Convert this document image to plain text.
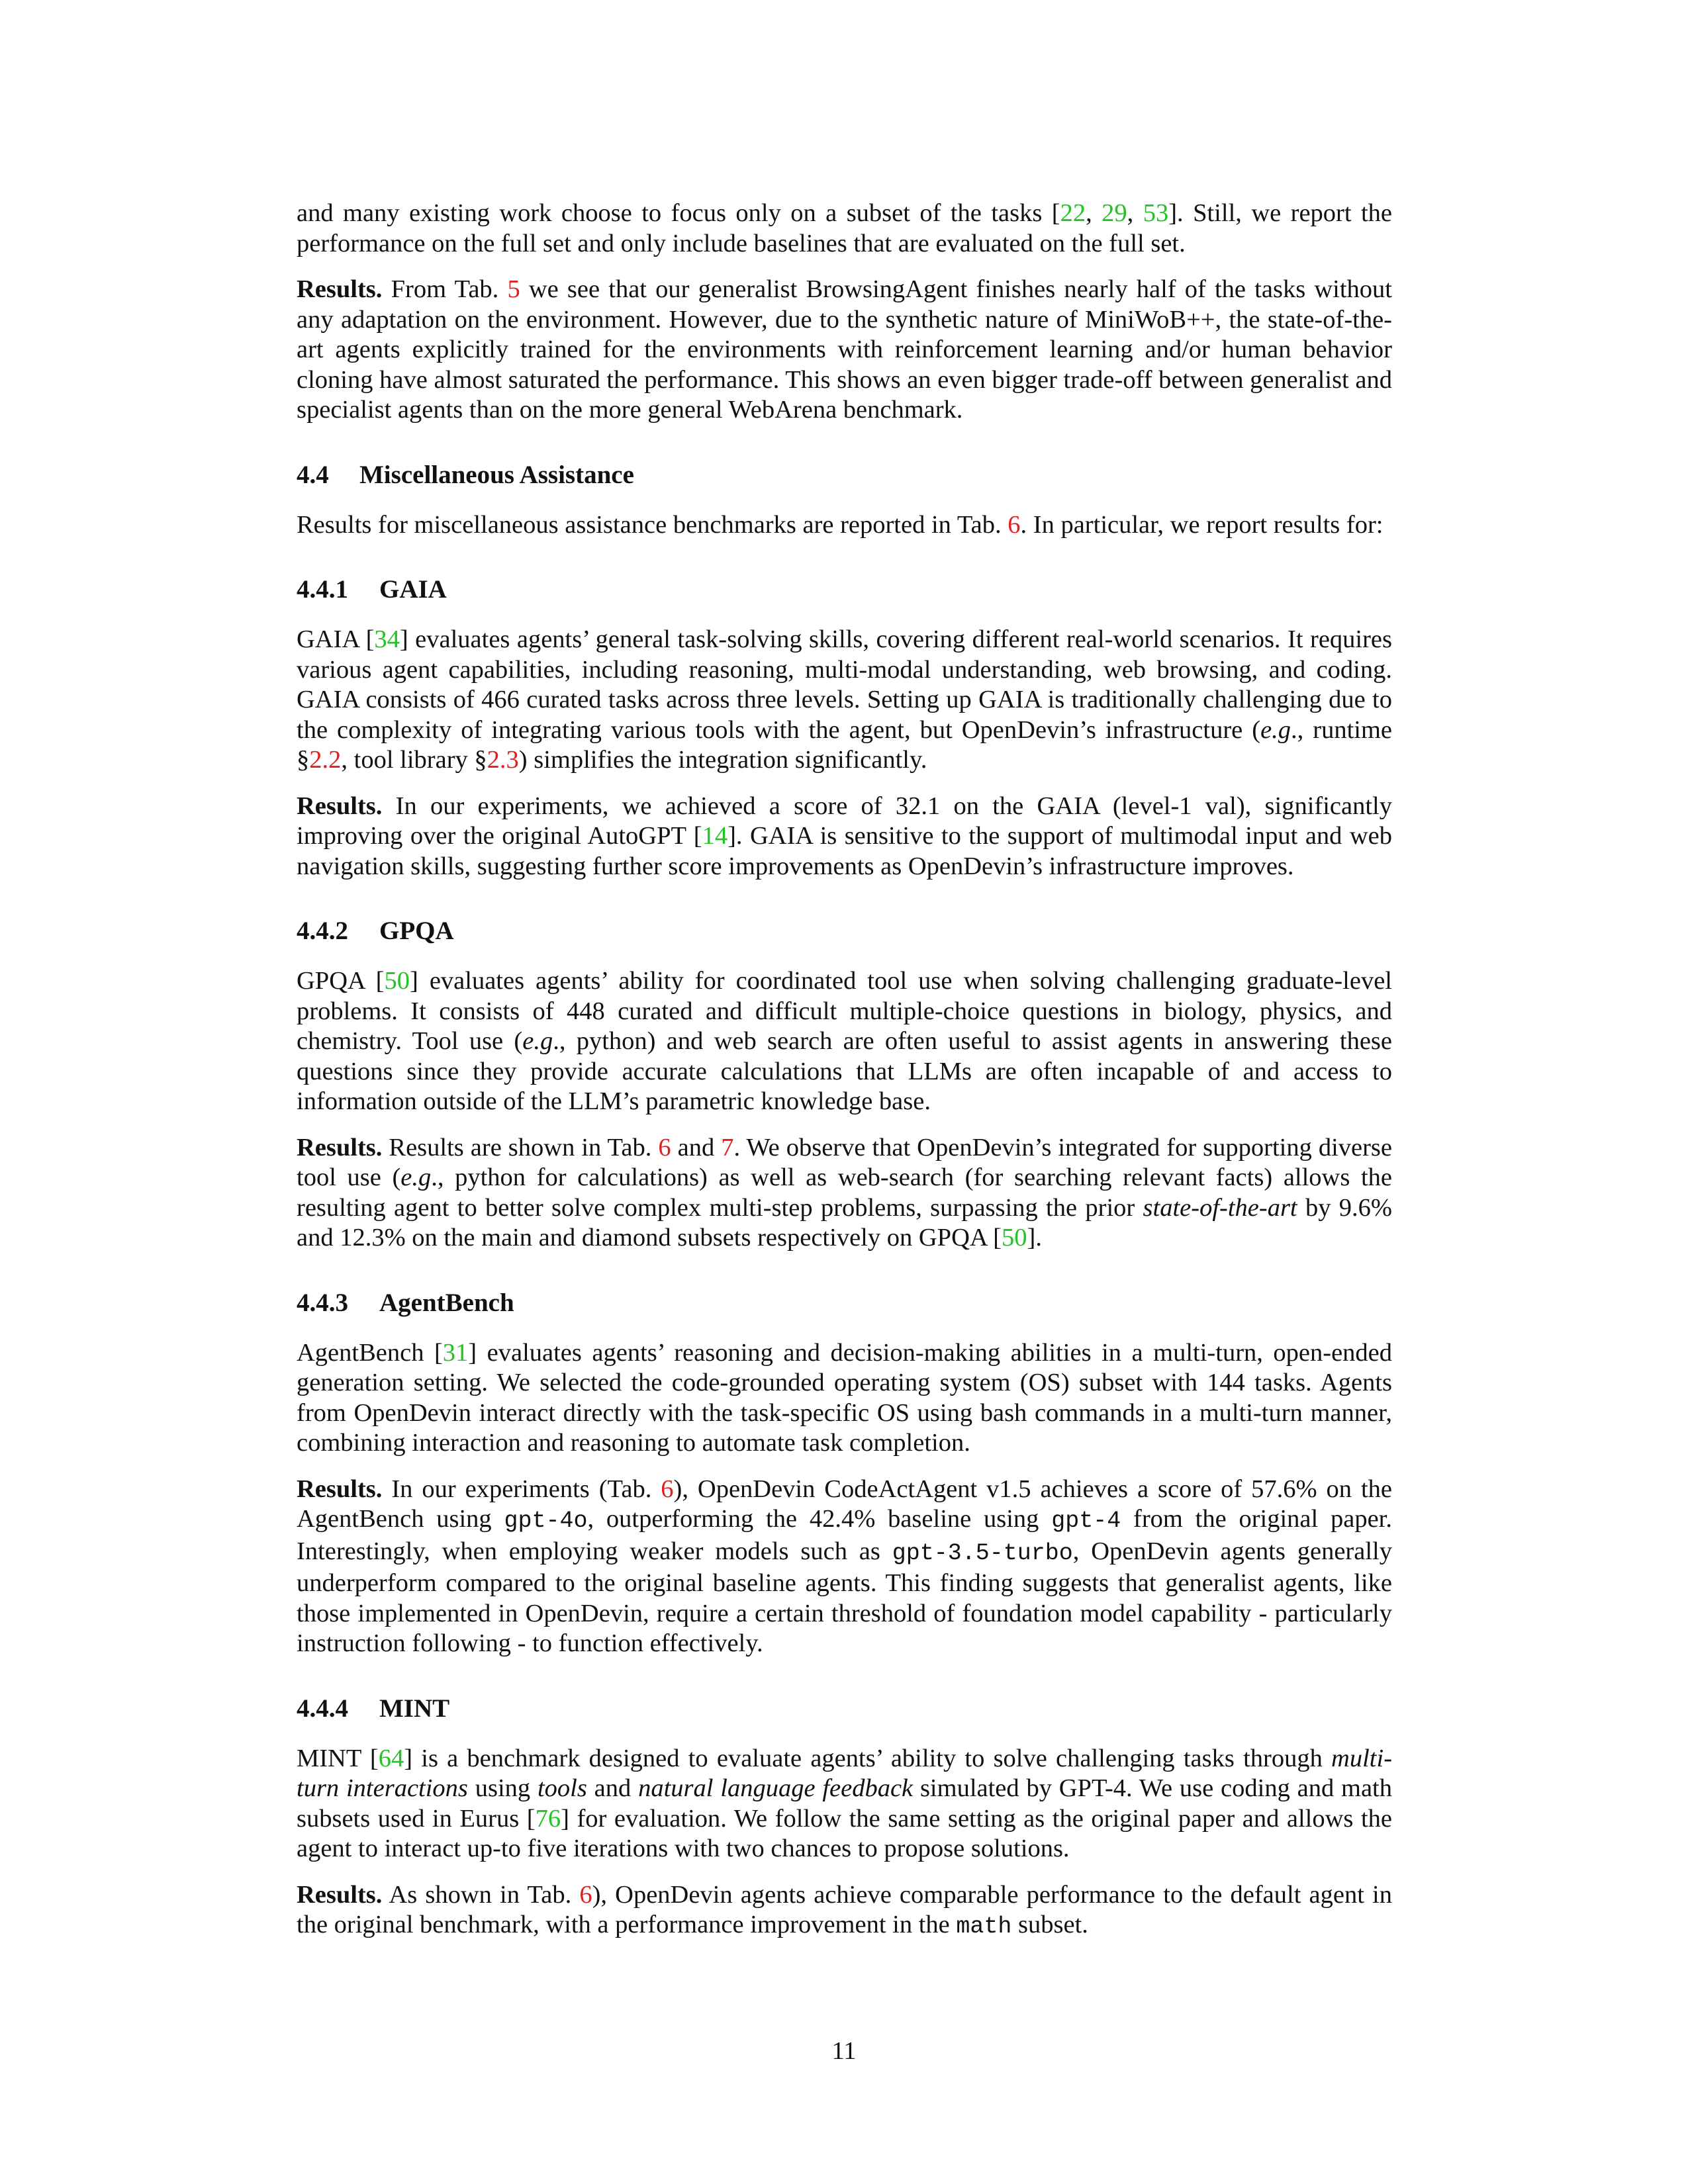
and many existing work choose to focus only on a subset of the tasks [22, 29, 53]. Still, we report the performance on the full set and only include baselines that are evaluated on the full set.

Results. From Tab. 5 we see that our generalist BrowsingAgent finishes nearly half of the tasks without any adaptation on the environment. However, due to the synthetic nature of MiniWoB++, the state-of-the-art agents explicitly trained for the environments with reinforcement learning and/or human behavior cloning have almost saturated the performance. This shows an even bigger trade-off between generalist and specialist agents than on the more general WebArena benchmark.

4.4 Miscellaneous Assistance

Results for miscellaneous assistance benchmarks are reported in Tab. 6. In particular, we report results for:

4.4.1 GAIA

GAIA [34] evaluates agents’ general task-solving skills, covering different real-world scenarios. It requires various agent capabilities, including reasoning, multi-modal understanding, web browsing, and coding. GAIA consists of 466 curated tasks across three levels. Setting up GAIA is traditionally challenging due to the complexity of integrating various tools with the agent, but OpenDevin’s infrastructure (e.g., runtime §2.2, tool library §2.3) simplifies the integration significantly.

Results. In our experiments, we achieved a score of 32.1 on the GAIA (level-1 val), significantly improving over the original AutoGPT [14]. GAIA is sensitive to the support of multimodal input and web navigation skills, suggesting further score improvements as OpenDevin’s infrastructure improves.

4.4.2 GPQA

GPQA [50] evaluates agents’ ability for coordinated tool use when solving challenging graduate-level problems. It consists of 448 curated and difficult multiple-choice questions in biology, physics, and chemistry. Tool use (e.g., python) and web search are often useful to assist agents in answering these questions since they provide accurate calculations that LLMs are often incapable of and access to information outside of the LLM’s parametric knowledge base.

Results. Results are shown in Tab. 6 and 7. We observe that OpenDevin’s integrated for supporting diverse tool use (e.g., python for calculations) as well as web-search (for searching relevant facts) allows the resulting agent to better solve complex multi-step problems, surpassing the prior state-of-the-art by 9.6% and 12.3% on the main and diamond subsets respectively on GPQA [50].

4.4.3 AgentBench

AgentBench [31] evaluates agents’ reasoning and decision-making abilities in a multi-turn, open-ended generation setting. We selected the code-grounded operating system (OS) subset with 144 tasks. Agents from OpenDevin interact directly with the task-specific OS using bash commands in a multi-turn manner, combining interaction and reasoning to automate task completion.

Results. In our experiments (Tab. 6), OpenDevin CodeActAgent v1.5 achieves a score of 57.6% on the AgentBench using gpt-4o, outperforming the 42.4% baseline using gpt-4 from the original paper. Interestingly, when employing weaker models such as gpt-3.5-turbo, OpenDevin agents generally underperform compared to the original baseline agents. This finding suggests that generalist agents, like those implemented in OpenDevin, require a certain threshold of foundation model capability - particularly instruction following - to function effectively.

4.4.4 MINT

MINT [64] is a benchmark designed to evaluate agents’ ability to solve challenging tasks through multi-turn interactions using tools and natural language feedback simulated by GPT-4. We use coding and math subsets used in Eurus [76] for evaluation. We follow the same setting as the original paper and allows the agent to interact up-to five iterations with two chances to propose solutions.

Results. As shown in Tab. 6), OpenDevin agents achieve comparable performance to the default agent in the original benchmark, with a performance improvement in the math subset.

11
